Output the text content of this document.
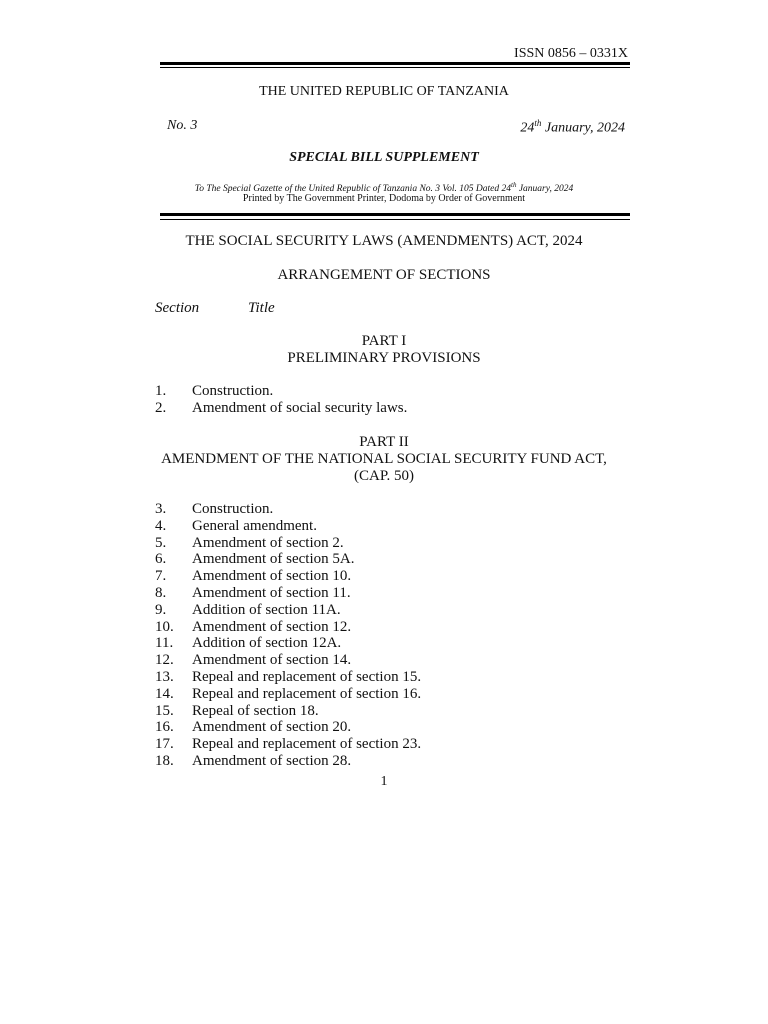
ISSN 0856 – 0331X
THE UNITED REPUBLIC OF TANZANIA
No. 3	24th January, 2024
SPECIAL BILL SUPPLEMENT
To The Special Gazette of the United Republic of Tanzania No. 3 Vol. 105 Dated 24th January, 2024
Printed by The Government Printer, Dodoma by Order of Government
THE SOCIAL SECURITY LAWS (AMENDMENTS) ACT, 2024
ARRANGEMENT OF SECTIONS
Section	Title
PART I
PRELIMINARY PROVISIONS
1. Construction.
2. Amendment of social security laws.
PART II
AMENDMENT OF THE NATIONAL SOCIAL SECURITY FUND ACT,
(CAP. 50)
3. Construction.
4. General amendment.
5. Amendment of section 2.
6. Amendment of section 5A.
7. Amendment of section 10.
8. Amendment of section 11.
9. Addition of section 11A.
10. Amendment of section 12.
11. Addition of section 12A.
12. Amendment of section 14.
13. Repeal and replacement of section 15.
14. Repeal and replacement of section 16.
15. Repeal of section 18.
16. Amendment of section 20.
17. Repeal and replacement of section 23.
18. Amendment of section 28.
1
